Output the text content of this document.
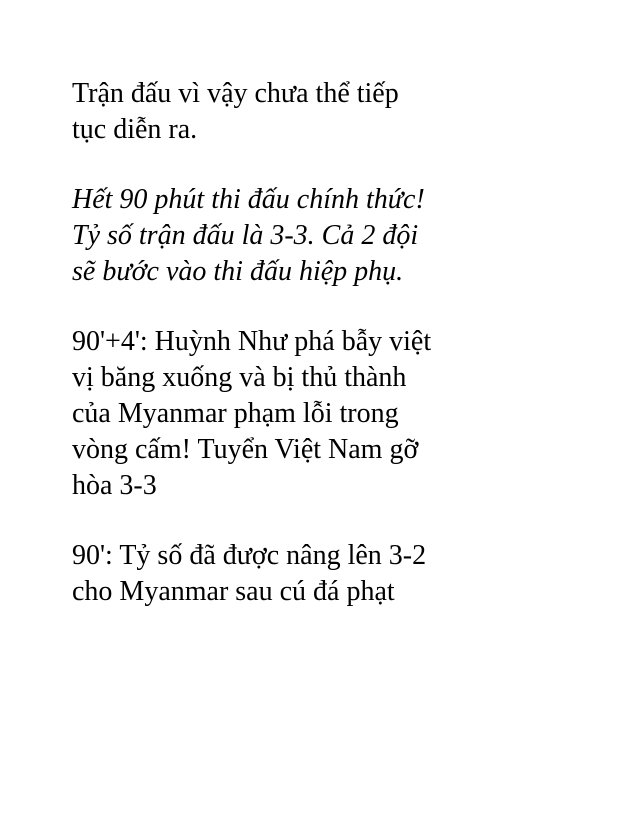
Trận đấu vì vậy chưa thể tiếp
tục diễn ra.

Hết 90 phút thi đấu chính thức!
Tỷ số trận đấu là 3-3. Cả 2 đội
sẽ bước vào thi đấu hiệp phụ.

90'+4': Huỳnh Như phá bẫy việt
vị băng xuống và bị thủ thành
của Myanmar phạm lỗi trong
vòng cấm! Tuyển Việt Nam gỡ
hòa 3-3

90': Tỷ số đã được nâng lên 3-2
cho Myanmar sau cú đá phạt
